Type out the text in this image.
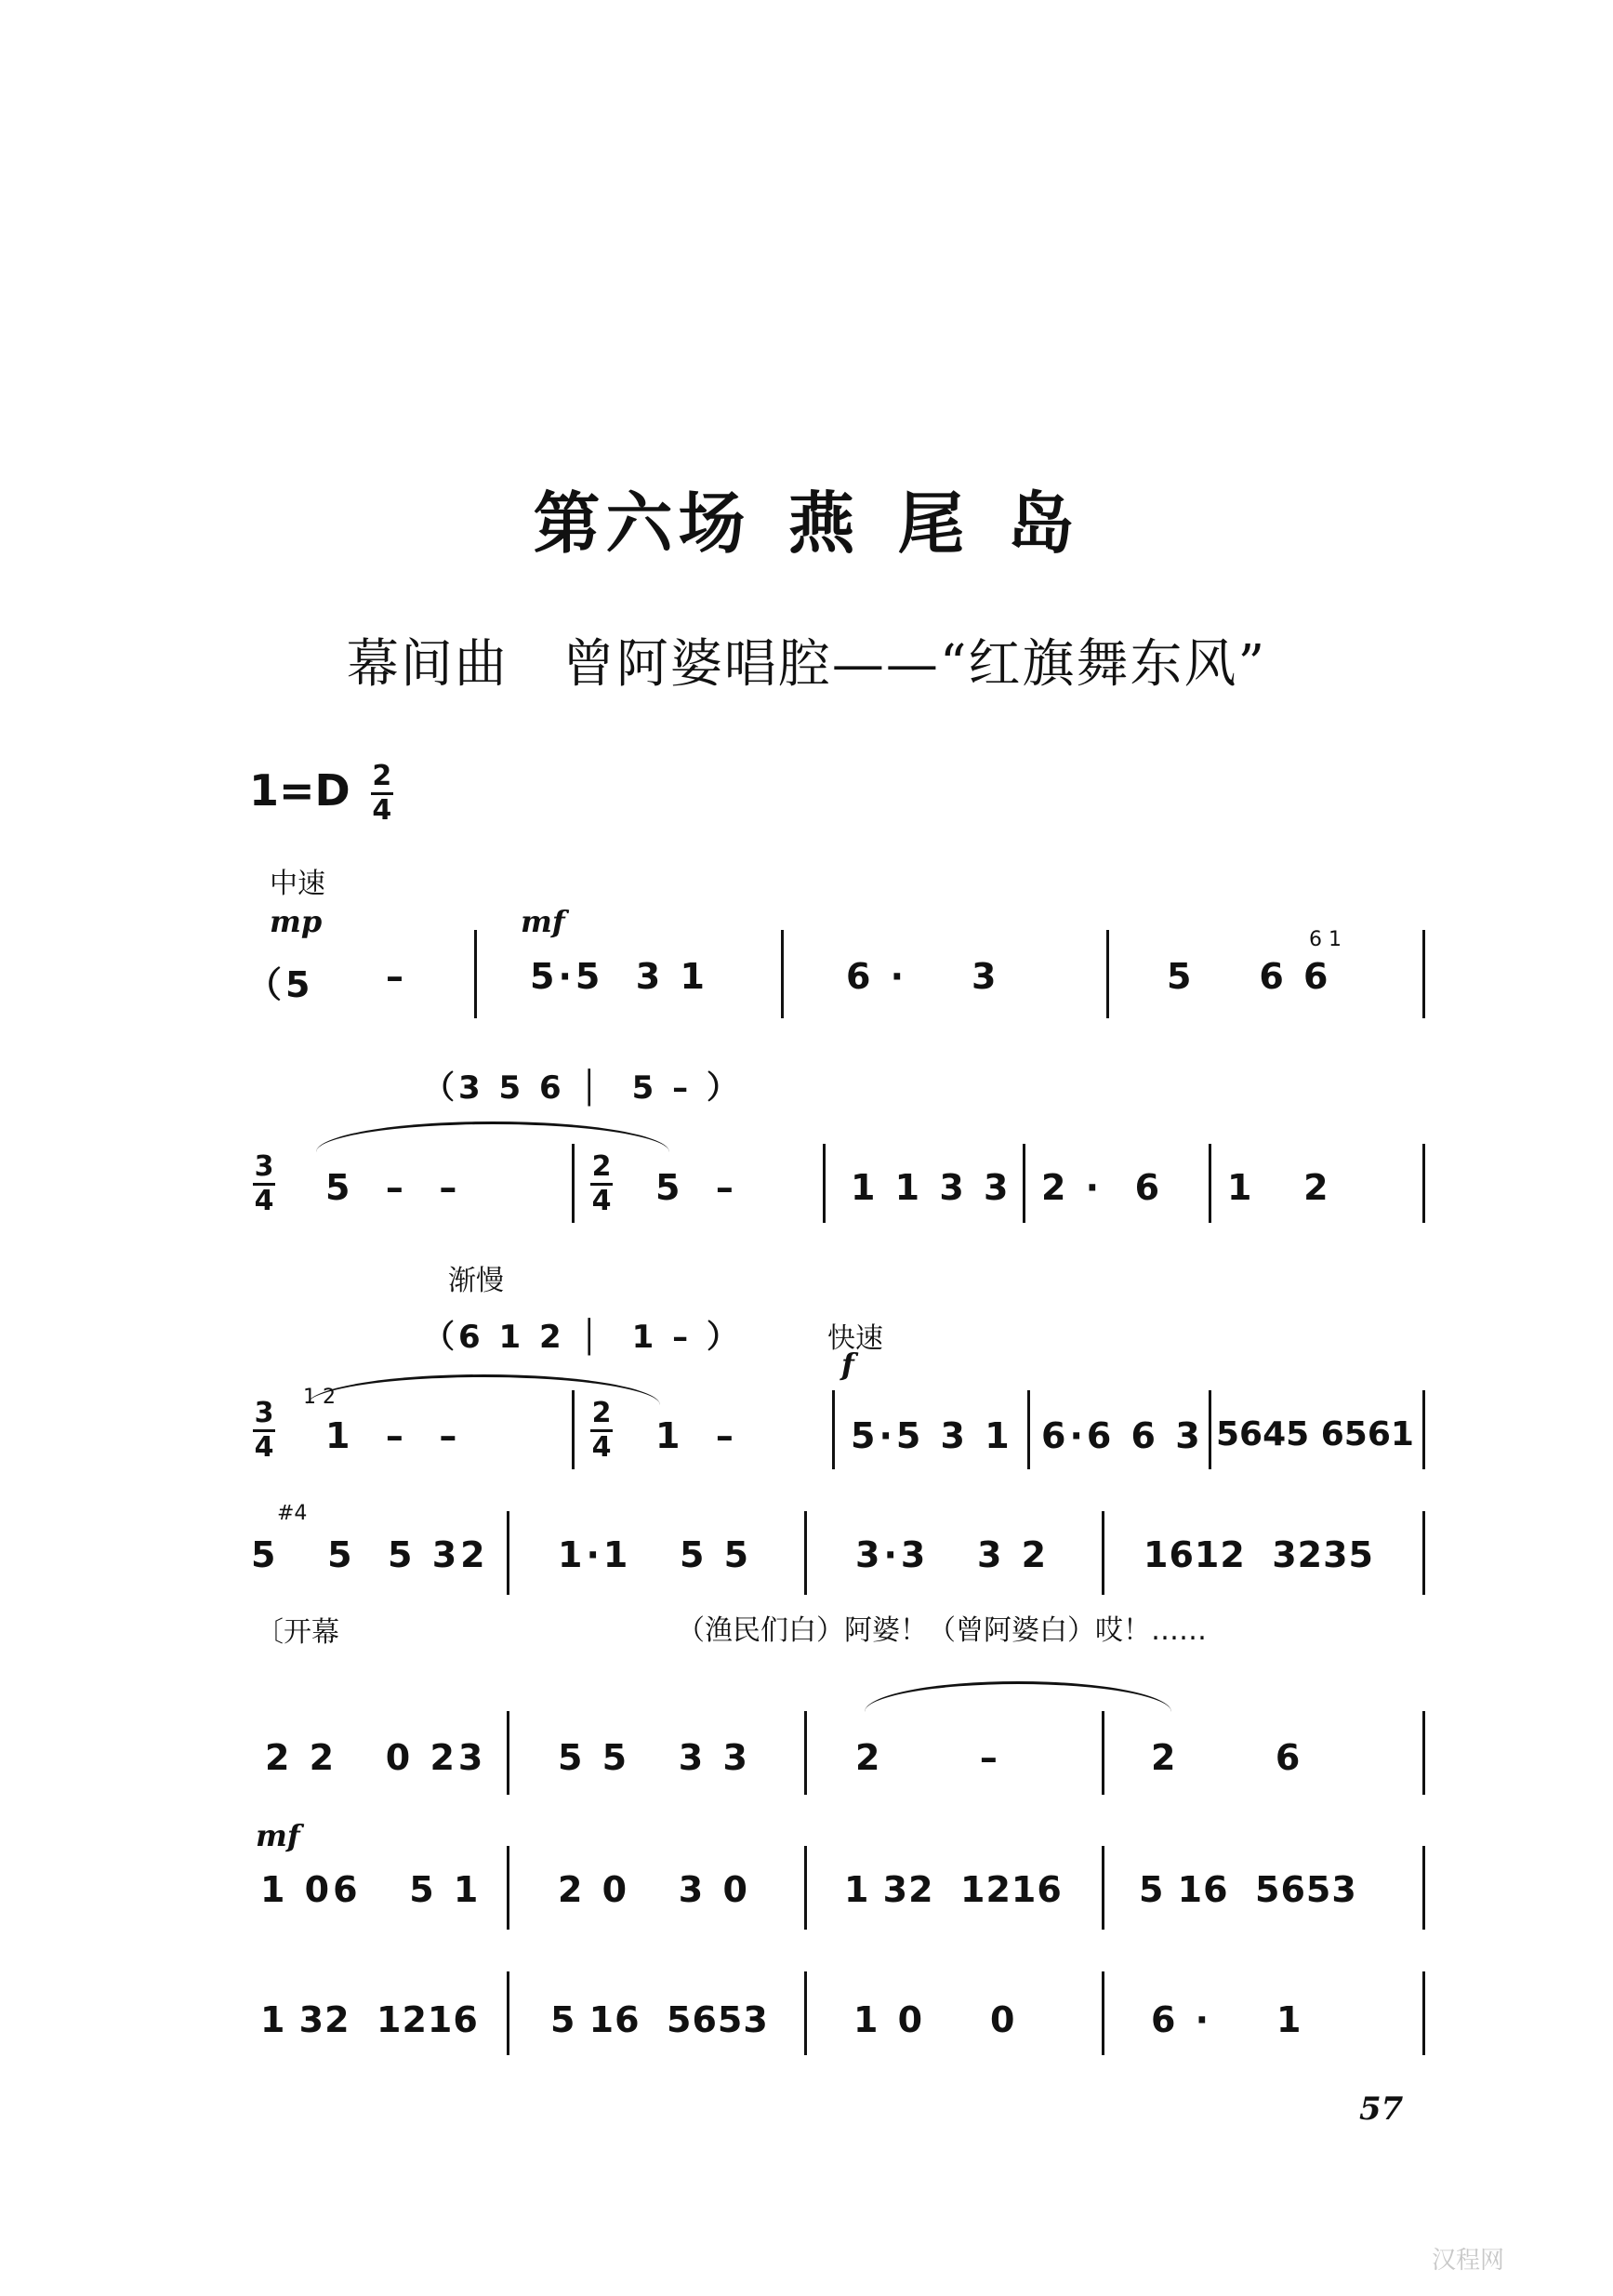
第六场 燕 尾 岛
幕间曲　曾阿婆唱腔——“红旗舞东风”
$1=D \frac{2}{4}$
中速
mp	mf
（5 –	5·5  3 1	6 ·    3
6 1
5    6 6
（3 5 6 │  5 – ）
3
4 5  –  –
2
4 5  –	1 1 3 3 2 ·  6 1   2
渐慢
（6 1 2 │  1 – ）	快速
f
3
4
1 2
1  –  –
2
4 1  –	5·5 3 1 6·6 6 3 5645 6561
#4
5   5  5 32 1·1   5 5	3·3   3 2	1612  3235
〔开幕	（渔民们白）阿婆！（曾阿婆白）哎！……
2 2   0 23 5 5   3 3	2      –	2      6
mf
1 06   5 1 2 0   3 0	1 32  1216 5 16  5653
1 32  1216 5 16  5653 1 0    0	6 ·    1
57
汉程网
